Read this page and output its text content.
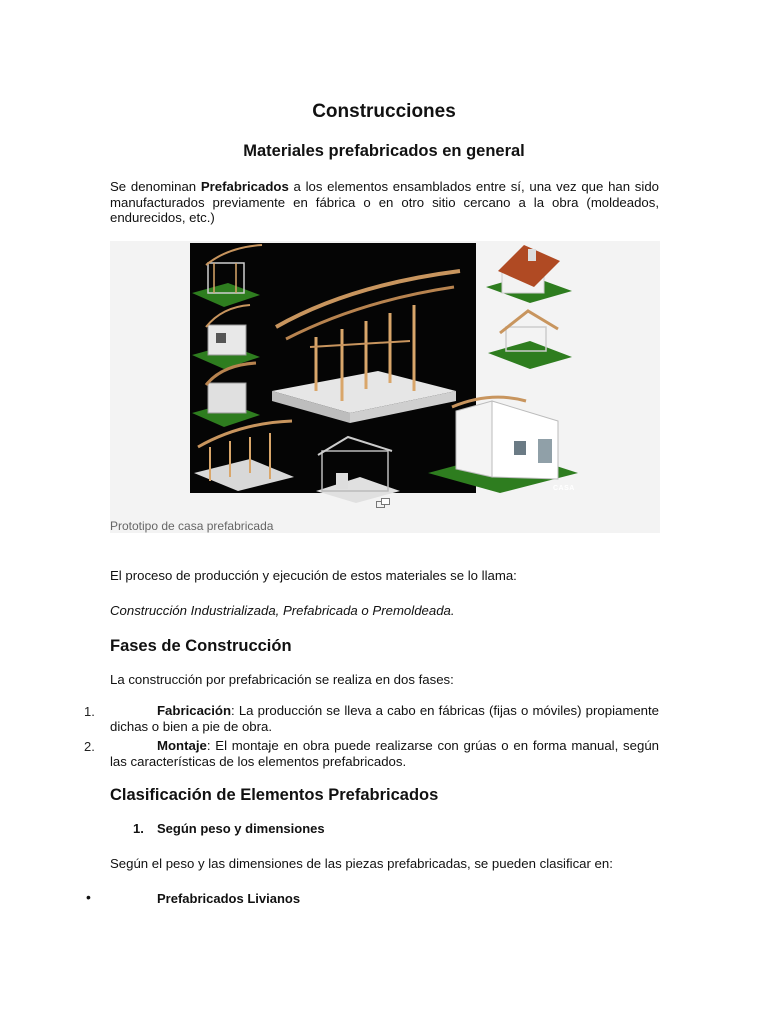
Construcciones
Materiales prefabricados en general
Se denominan Prefabricados a los elementos ensamblados entre sí, una vez que han sido manufacturados previamente en fábrica o en otro sitio cercano a la obra (moldeados, endurecidos, etc.)
CASA
Prototipo de casa prefabricada
El proceso de producción y ejecución de estos materiales se lo llama:
Construcción Industrializada, Prefabricada o Premoldeada.
Fases de Construcción
La construcción por prefabricación se realiza en dos fases:
1.	Fabricación: La producción se lleva a cabo en fábricas (fijas o móviles) propiamente dichas o bien a pie de obra.
2.	Montaje: El montaje en obra puede realizarse con grúas o en forma manual, según las características de los elementos prefabricados.
Clasificación de Elementos Prefabricados
1. Según peso y dimensiones
Según el peso y las dimensiones de las piezas prefabricadas, se pueden clasificar en:
•	Prefabricados Livianos
